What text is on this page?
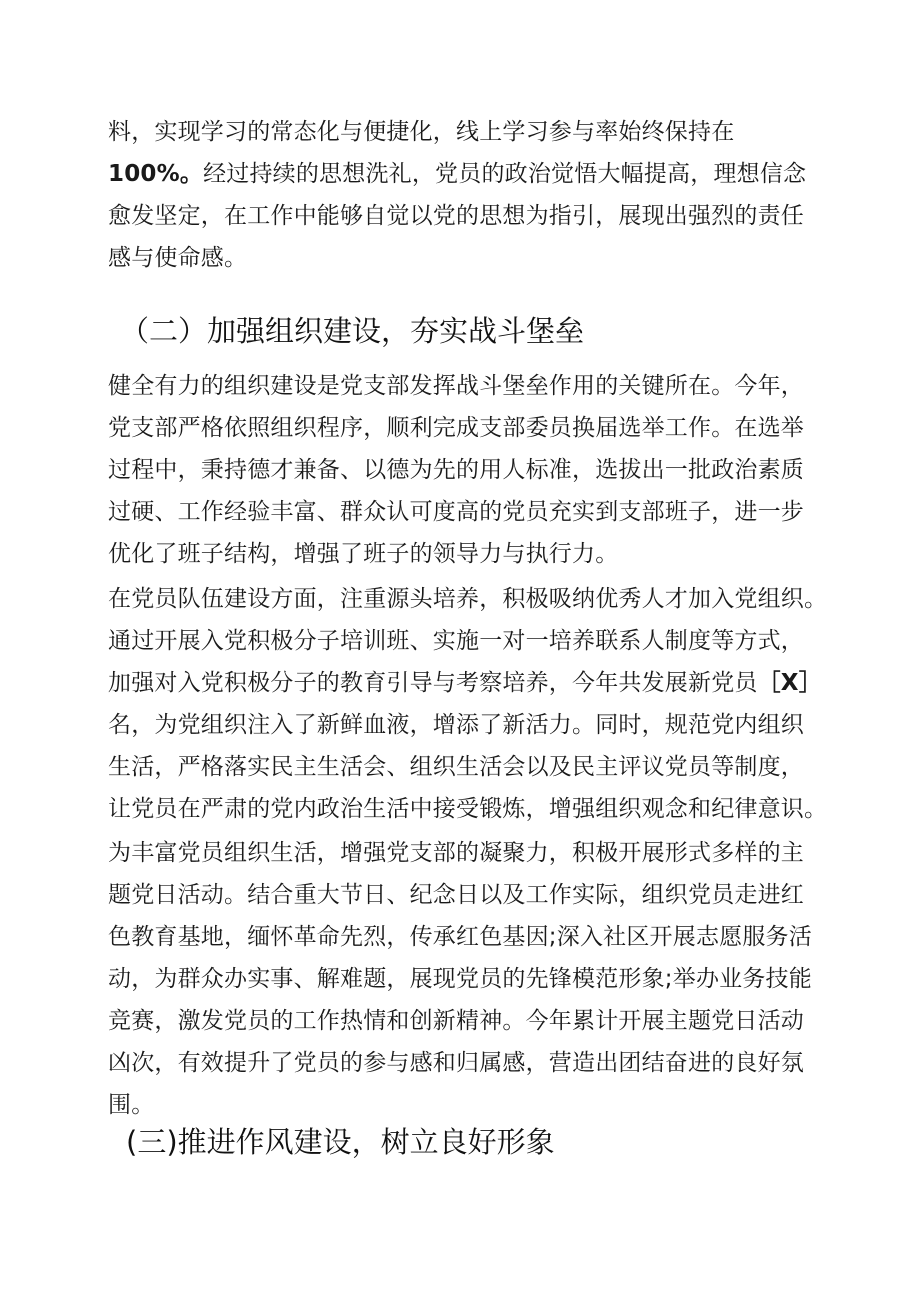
料，实现学习的常态化与便捷化，线上学习参与率始终保持在
100%。经过持续的思想洗礼，党员的政治觉悟大幅提高，理想信念
愈发坚定，在工作中能够自觉以党的思想为指引，展现出强烈的责任
感与使命感。
（二）加强组织建设，夯实战斗堡垒
健全有力的组织建设是党支部发挥战斗堡垒作用的关键所在。今年，
党支部严格依照组织程序，顺利完成支部委员换届选举工作。在选举
过程中，秉持德才兼备、以德为先的用人标准，选拔出一批政治素质
过硬、工作经验丰富、群众认可度高的党员充实到支部班子，进一步
优化了班子结构，增强了班子的领导力与执行力。
在党员队伍建设方面，注重源头培养，积极吸纳优秀人才加入党组织。
通过开展入党积极分子培训班、实施一对一培养联系人制度等方式，
加强对入党积极分子的教育引导与考察培养，今年共发展新党员［X］
名，为党组织注入了新鲜血液，增添了新活力。同时，规范党内组织
生活，严格落实民主生活会、组织生活会以及民主评议党员等制度，
让党员在严肃的党内政治生活中接受锻炼，增强组织观念和纪律意识。
为丰富党员组织生活，增强党支部的凝聚力，积极开展形式多样的主
题党日活动。结合重大节日、纪念日以及工作实际，组织党员走进红
色教育基地，缅怀革命先烈，传承红色基因;深入社区开展志愿服务活
动，为群众办实事、解难题，展现党员的先锋模范形象;举办业务技能
竞赛，激发党员的工作热情和创新精神。今年累计开展主题党日活动
凶次，有效提升了党员的参与感和归属感，营造出团结奋进的良好氛
围。
(三)推进作风建设，树立良好形象
